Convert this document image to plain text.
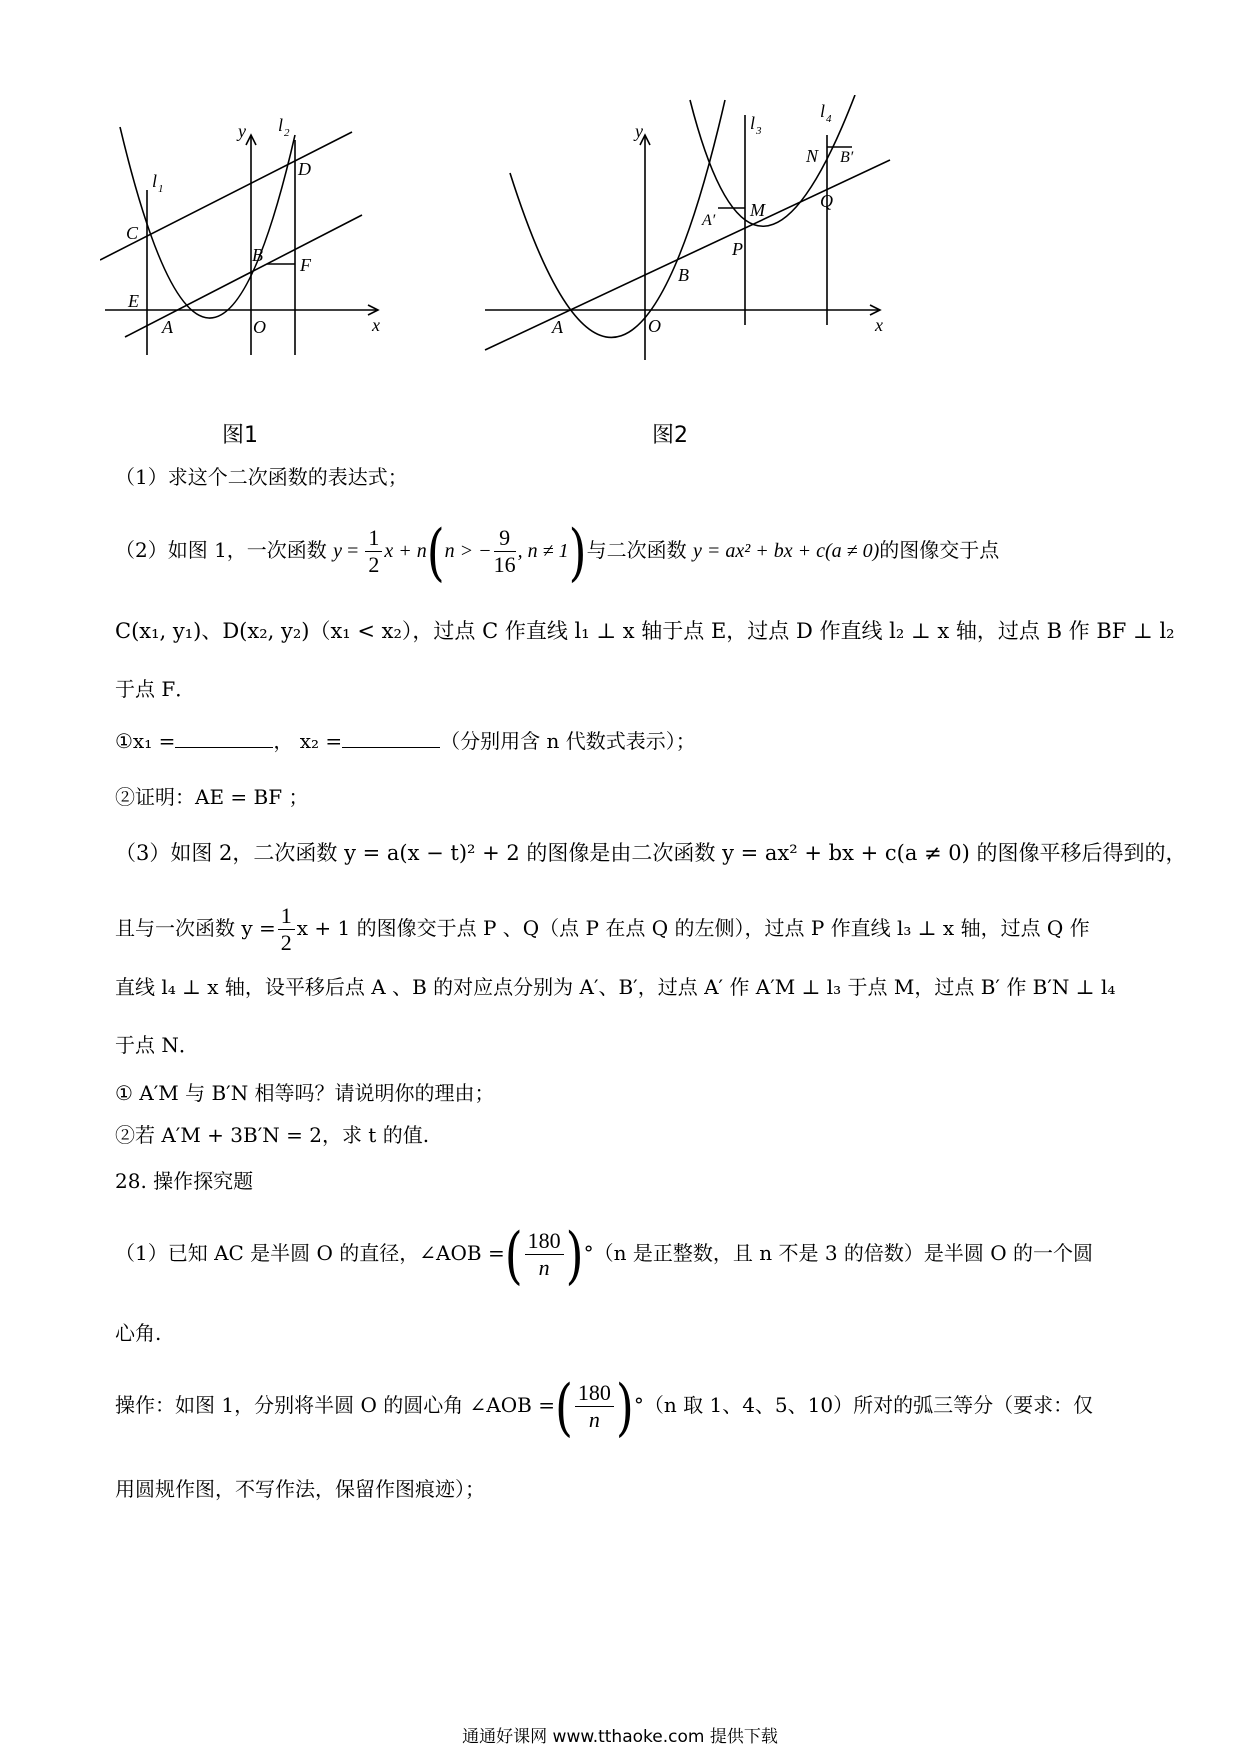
y
x
l 1
l 2
C
D
B F
E
A	O
图1
y
x
l 3
l 4
N B′
A′
M	Q
P
B
A	O
图2
（1）求这个二次函数的表达式；
（2）如图 1，一次函数 $y = \frac{1}{2}$ x + n(n > − $\frac{9}{16}$ , n ≠ 1)与二次函数 y = ax² + bx + c(a ≠ 0)的图像交于点
C(x₁, y₁)、D(x₂, y₂)（x₁ < x₂），过点 C 作直线 l₁ ⊥ x 轴于点 E，过点 D 作直线 l₂ ⊥ x 轴，过点 B 作 BF ⊥ l₂
于点 F．
①x₁ =	， x₂ =	（分别用含 n 代数式表示）；
②证明：AE = BF ；
（3）如图 2，二次函数 y = a(x − t)² + 2 的图像是由二次函数 y = ax² + bx + c(a ≠ 0) 的图像平移后得到的，
且与一次函数 $y = \frac{1}{2}$ x + 1 的图像交于点 P 、Q（点 P 在点 Q 的左侧），过点 P 作直线 l₃ ⊥ x 轴，过点 Q 作
直线 l₄ ⊥ x 轴，设平移后点 A 、B 的对应点分别为 A′、B′，过点 A′ 作 A′M ⊥ l₃ 于点 M，过点 B′ 作 B′N ⊥ l₄
于点 N．
① A′M 与 B′N 相等吗？请说明你的理由；
②若 A′M + 3B′N = 2，求 t 的值.
28. 操作探究题
（1）已知 AC 是半圆 O 的直径，∠AOB =( $\frac{180}{n} )^\circ(n$ 是正整数，且 n 不是 3 的倍数）是半圆 O 的一个圆
心角.
操作：如图 1，分别将半圆 O 的圆心角 ∠AOB =( $\frac{180}{n} )^\circ(n$ 取 1、4、5、10）所对的弧三等分（要求：仅
用圆规作图，不写作法，保留作图痕迹）；
通通好课网 www.tthaoke.com 提供下载
